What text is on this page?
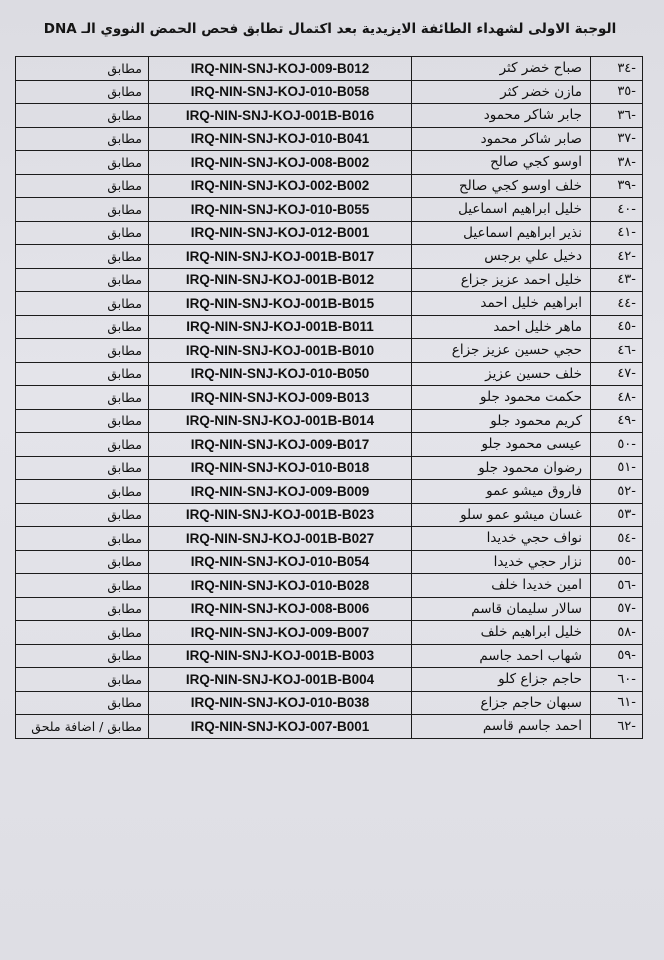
الوجبة الاولى لشهداء الطائفة الايزيدية بعد اكتمال تطابق فحص الحمض النووي الـ DNA
-٣٤	صباح خضر كثر	IRQ-NIN-SNJ-KOJ-009-B012	مطابق
-٣٥	مازن خضر كثر	IRQ-NIN-SNJ-KOJ-010-B058	مطابق
-٣٦	جابر شاكر محمود	IRQ-NIN-SNJ-KOJ-001B-B016	مطابق
-٣٧	صابر شاكر محمود	IRQ-NIN-SNJ-KOJ-010-B041	مطابق
-٣٨	اوسو كجي صالح	IRQ-NIN-SNJ-KOJ-008-B002	مطابق
-٣٩	خلف اوسو كجي صالح	IRQ-NIN-SNJ-KOJ-002-B002	مطابق
-٤٠	خليل ابراهيم اسماعيل	IRQ-NIN-SNJ-KOJ-010-B055	مطابق
-٤١	نذير ابراهيم اسماعيل	IRQ-NIN-SNJ-KOJ-012-B001	مطابق
-٤٢	دخيل علي برجس	IRQ-NIN-SNJ-KOJ-001B-B017	مطابق
-٤٣	خليل احمد عزيز جزاع	IRQ-NIN-SNJ-KOJ-001B-B012	مطابق
-٤٤	ابراهيم خليل احمد	IRQ-NIN-SNJ-KOJ-001B-B015	مطابق
-٤٥	ماهر خليل احمد	IRQ-NIN-SNJ-KOJ-001B-B011	مطابق
-٤٦	حجي حسين عزيز جزاع	IRQ-NIN-SNJ-KOJ-001B-B010	مطابق
-٤٧	خلف حسين عزيز	IRQ-NIN-SNJ-KOJ-010-B050	مطابق
-٤٨	حكمت محمود جلو	IRQ-NIN-SNJ-KOJ-009-B013	مطابق
-٤٩	كريم محمود جلو	IRQ-NIN-SNJ-KOJ-001B-B014	مطابق
-٥٠	عيسى محمود جلو	IRQ-NIN-SNJ-KOJ-009-B017	مطابق
-٥١	رضوان محمود جلو	IRQ-NIN-SNJ-KOJ-010-B018	مطابق
-٥٢	فاروق ميشو عمو	IRQ-NIN-SNJ-KOJ-009-B009	مطابق
-٥٣	غسان ميشو عمو سلو	IRQ-NIN-SNJ-KOJ-001B-B023	مطابق
-٥٤	نواف حجي خديدا	IRQ-NIN-SNJ-KOJ-001B-B027	مطابق
-٥٥	نزار حجي خديدا	IRQ-NIN-SNJ-KOJ-010-B054	مطابق
-٥٦	امين خديدا خلف	IRQ-NIN-SNJ-KOJ-010-B028	مطابق
-٥٧	سالار سليمان قاسم	IRQ-NIN-SNJ-KOJ-008-B006	مطابق
-٥٨	خليل ابراهيم خلف	IRQ-NIN-SNJ-KOJ-009-B007	مطابق
-٥٩	شهاب احمد جاسم	IRQ-NIN-SNJ-KOJ-001B-B003	مطابق
-٦٠	حاجم جزاع كلو	IRQ-NIN-SNJ-KOJ-001B-B004	مطابق
-٦١	سبهان حاجم جزاع	IRQ-NIN-SNJ-KOJ-010-B038	مطابق
-٦٢	احمد جاسم قاسم	IRQ-NIN-SNJ-KOJ-007-B001	مطابق / اضافة ملحق
